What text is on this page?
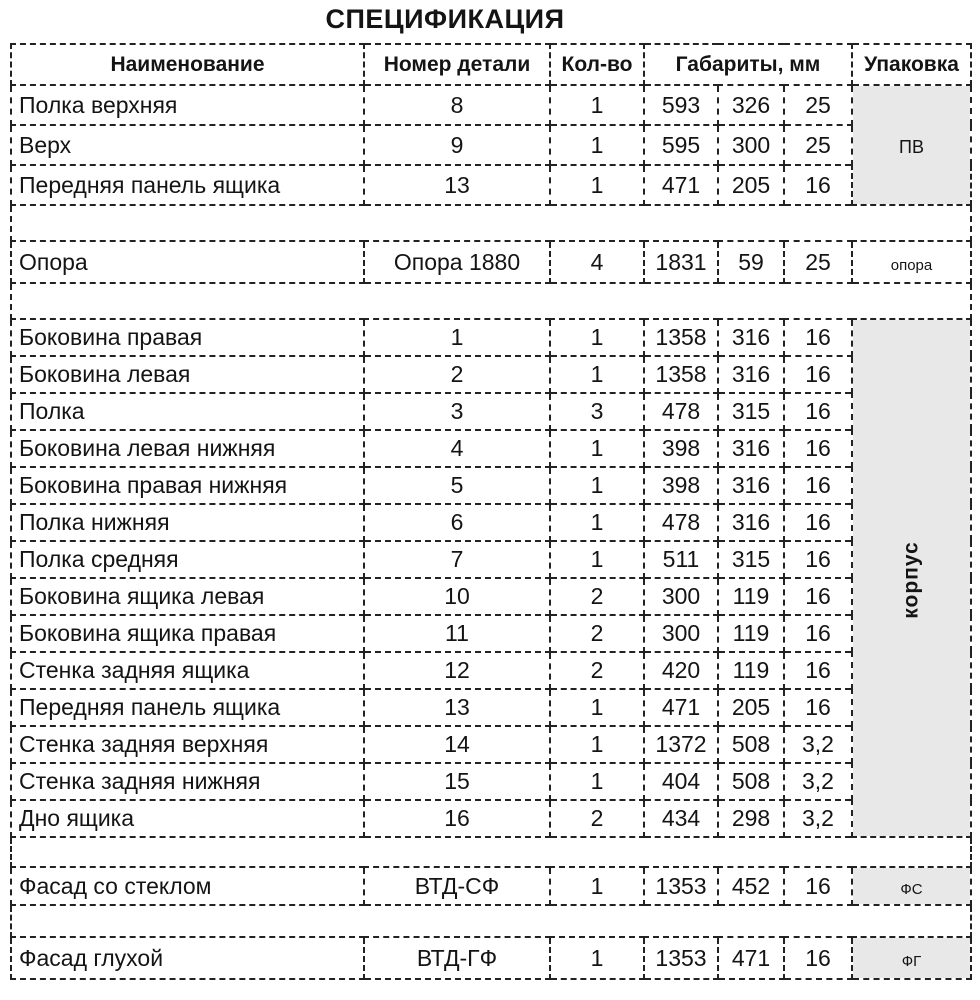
СПЕЦИФИКАЦИЯ
Наименование	Номер детали	Кол-во	Габариты, мм			Упаковка
Полка верхняя	8	1	593	326	25	ПВ
Верх	9	1	595	300	25	
Передняя панель ящика	13	1	471	205	16	

Опора	Опора 1880	4	1831	59	25	опора

Боковина правая	1	1	1358	316	16	корпус
Боковина левая	2	1	1358	316	16	
Полка	3	3	478	315	16	
Боковина левая нижняя	4	1	398	316	16	
Боковина правая нижняя	5	1	398	316	16	
Полка нижняя	6	1	478	316	16	
Полка средняя	7	1	511	315	16	
Боковина ящика левая	10	2	300	119	16	
Боковина ящика правая	11	2	300	119	16	
Стенка задняя ящика	12	2	420	119	16	
Передняя панель ящика	13	1	471	205	16	
Стенка задняя верхняя	14	1	1372	508	3,2	
Стенка задняя нижняя	15	1	404	508	3,2	
Дно ящика	16	2	434	298	3,2	

Фасад со стеклом	ВТД-СФ	1	1353	452	16	ФС

Фасад глухой	ВТД-ГФ	1	1353	471	16	ФГ
